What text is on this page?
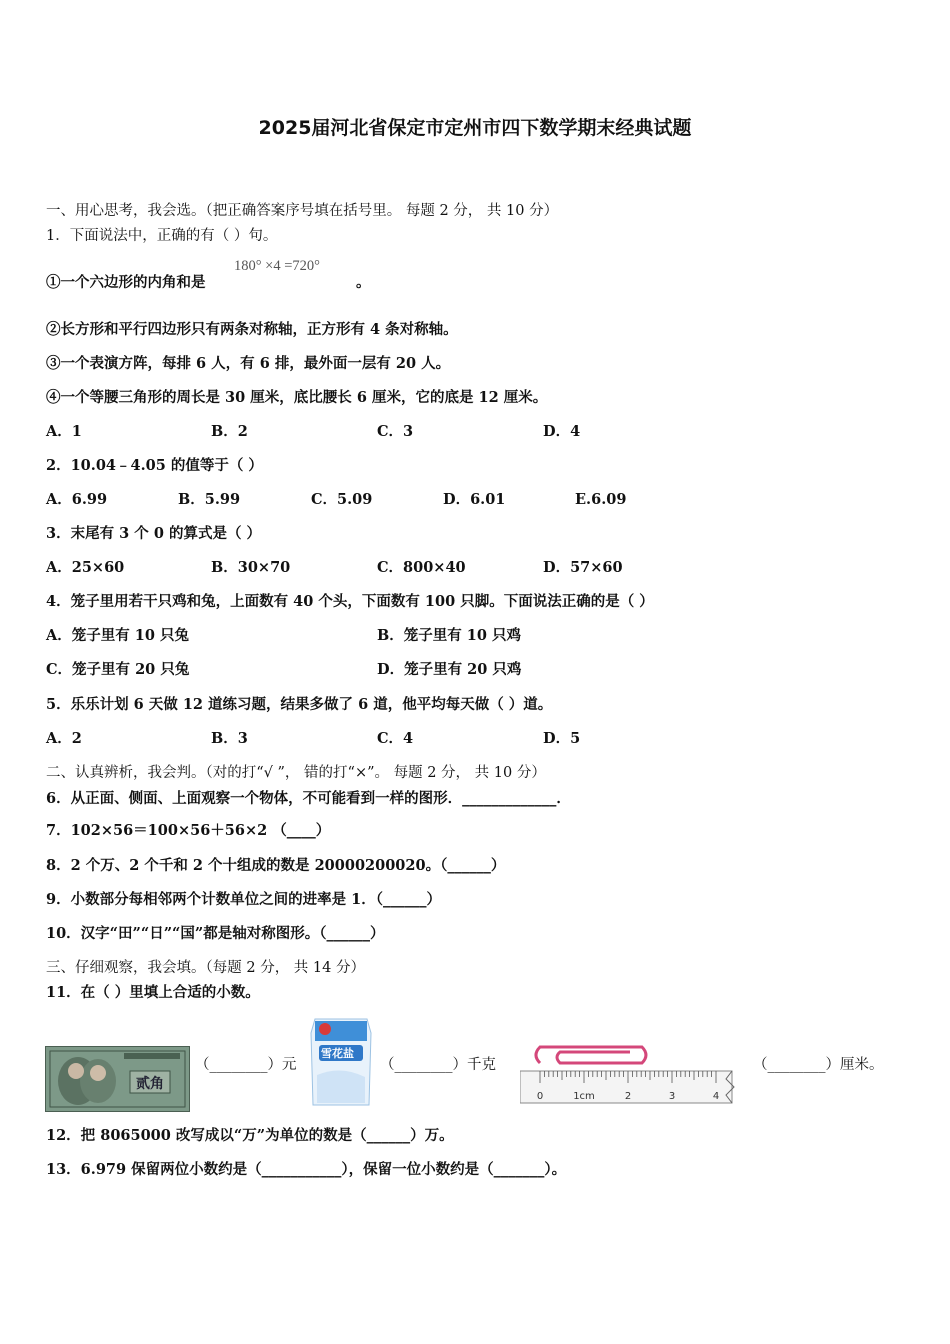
2025届河北省保定市定州市四下数学期末经典试题
一、用心思考，我会选。（把正确答案序号填在括号里。 每题 2 分， 共 10 分）
1．下面说法中，正确的有（ ）句。
①一个六边形的内角和是
180° ×4 =720°
。
②长方形和平行四边形只有两条对称轴，正方形有 4 条对称轴。
③一个表演方阵，每排 6 人，有 6 排，最外面一层有 20 人。
④一个等腰三角形的周长是 30 厘米，底比腰长 6 厘米，它的底是 12 厘米。
A．1	B．2	C．3	D．4
2．10.04﹣4.05 的值等于（ ）
A．6.99	B．5.99	C．5.09	D．6.01	E.6.09
3．末尾有 3 个 0 的算式是（ ）
A．25×60	B．30×70	C．800×40	D．57×60
4．笼子里用若干只鸡和兔，上面数有 40 个头，下面数有 100 只脚。下面说法正确的是（ ）
A．笼子里有 10 只兔	B．笼子里有 10 只鸡
C．笼子里有 20 只兔	D．笼子里有 20 只鸡
5．乐乐计划 6 天做 12 道练习题，结果多做了 6 道，他平均每天做（ ）道。
A．2	B．3	C．4	D．5
二、认真辨析，我会判。（对的打“√ ”， 错的打“×”。 每题 2 分， 共 10 分）
6．从正面、侧面、上面观察一个物体，不可能看到一样的图形．_____________．
7．102×56＝100×56＋56×2 （____）
8．2 个万、2 个千和 2 个十组成的数是 20000200020。（______）
9．小数部分每相邻两个计数单位之间的进率是 1．（______）
10．汉字“田”“日”“国”都是轴对称图形。（______）
三、仔细观察，我会填。（每题 2 分， 共 14 分）
11．在（ ）里填上合适的小数。
贰角
（________）元
雪花盐
（________）千克
0	1cm	2	3	4
（________）厘米。
12．把 8065000 改写成以“万”为单位的数是（______）万。
13．6.979 保留两位小数约是（___________），保留一位小数约是（_______）。
